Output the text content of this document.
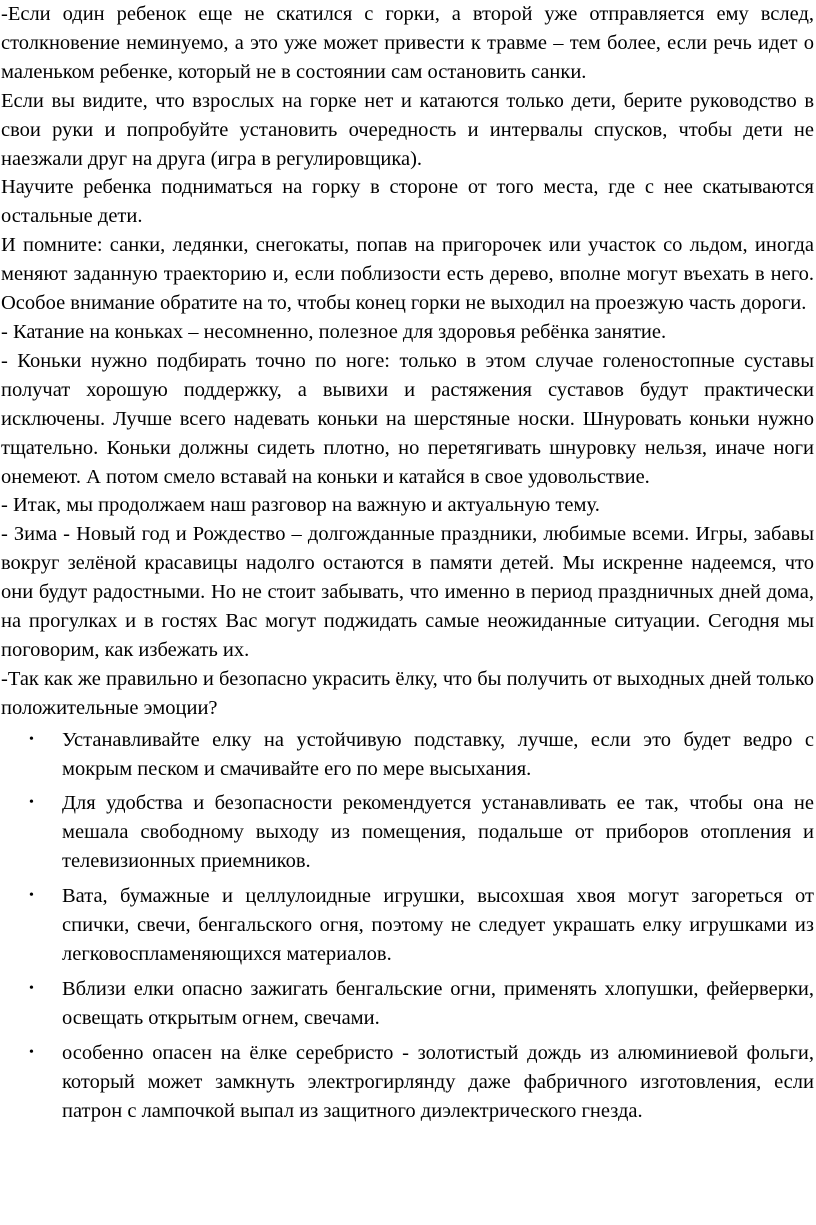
-Если один ребенок еще не скатился с горки, а второй уже отправляется ему вслед, столкновение неминуемо, а это уже может привести к травме – тем более, если речь идет о маленьком ребенке, который не в состоянии сам остановить санки.

Если вы видите, что взрослых на горке нет и катаются только дети, берите руководство в свои руки и попробуйте установить очередность и интервалы спусков, чтобы дети не наезжали друг на друга (игра в регулировщика).

Научите ребенка подниматься на горку в стороне от того места, где с нее скатываются остальные дети.

И помните: санки, ледянки, снегокаты, попав на пригорочек или участок со льдом, иногда меняют заданную траекторию и, если поблизости есть дерево, вполне могут въехать в него. Особое внимание обратите на то, чтобы конец горки не выходил на проезжую часть дороги.

- Катание на коньках – несомненно, полезное для здоровья ребёнка занятие.

- Коньки нужно подбирать точно по ноге: только в этом случае голеностопные суставы получат хорошую поддержку, а вывихи и растяжения суставов будут практически исключены. Лучше всего надевать коньки на шерстяные носки. Шнуровать коньки нужно тщательно. Коньки должны сидеть плотно, но перетягивать шнуровку нельзя, иначе ноги онемеют. А потом смело вставай на коньки и катайся в свое удовольствие.

- Итак, мы продолжаем наш разговор на важную и актуальную тему.

- Зима - Новый год и Рождество – долгожданные праздники, любимые всеми. Игры, забавы вокруг зелёной красавицы надолго остаются в памяти детей. Мы искренне надеемся, что они будут радостными. Но не стоит забывать, что именно в период праздничных дней дома, на прогулках и в гостях Вас могут поджидать самые неожиданные ситуации. Сегодня мы поговорим, как избежать их.

-Так как же правильно и безопасно украсить ёлку, что бы получить от выходных дней только положительные эмоции?

• Устанавливайте елку на устойчивую подставку, лучше, если это будет ведро с мокрым песком и смачивайте его по мере высыхания.
• Для удобства и безопасности рекомендуется устанавливать ее так, чтобы она не мешала свободному выходу из помещения, подальше от приборов отопления и телевизионных приемников.
• Вата, бумажные и целлулоидные игрушки, высохшая хвоя могут загореться от спички, свечи, бенгальского огня, поэтому не следует украшать елку игрушками из легковоспламеняющихся материалов.
• Вблизи елки опасно зажигать бенгальские огни, применять хлопушки, фейерверки, освещать открытым огнем, свечами.
• особенно опасен на ёлке серебристо - золотистый дождь из алюминиевой фольги, который может замкнуть электрогирлянду даже фабричного изготовления, если патрон с лампочкой выпал из защитного диэлектрического гнезда.
